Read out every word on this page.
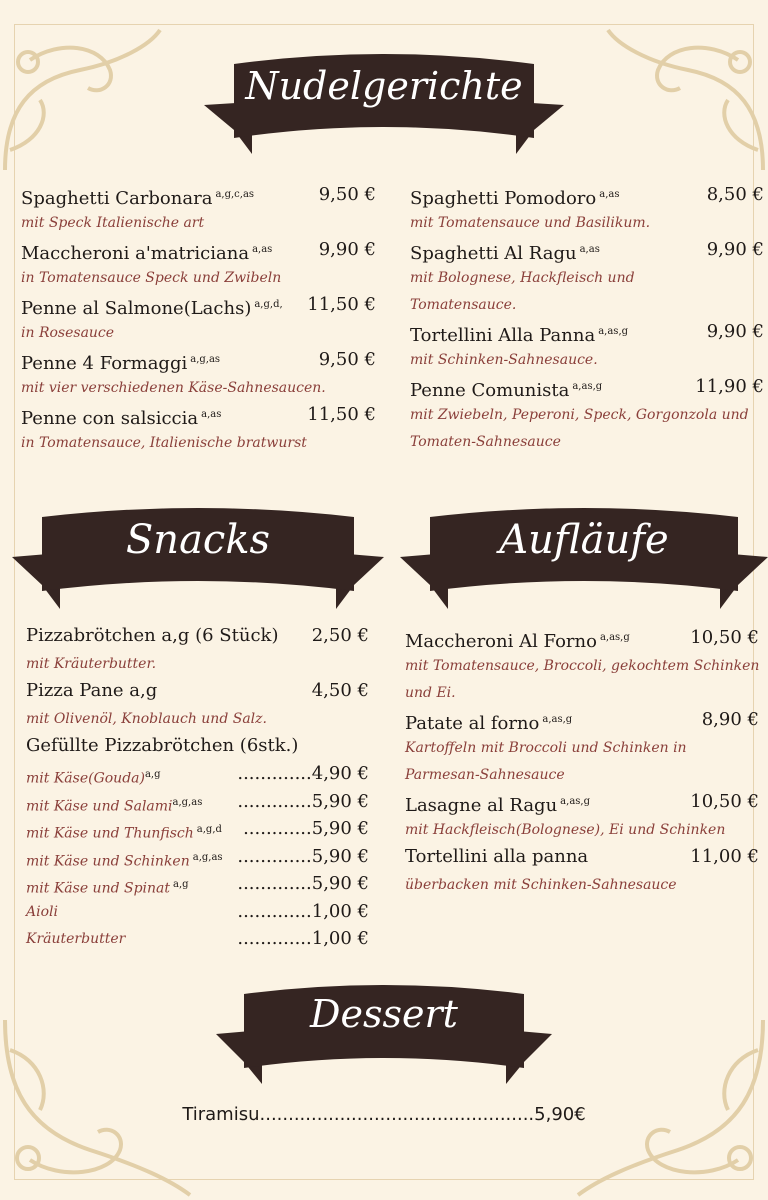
Nudelgerichte
Spaghetti Carbonara $^{a,g,c,as}$	9,50 €
mit Speck Italienische art
Maccheroni a'matriciana $^{a,as}$	9,90 €
in Tomatensauce Speck und Zwibeln
Penne al Salmone(Lachs) $^{a,g,d,}$ 11,50 €
in Rosesauce
Penne 4 Formaggi $^{a,g,as}$	9,50 €
mit vier verschiedenen Käse-Sahnesaucen.
Penne con salsiccia $^{a,as}$	11,50 €
in Tomatensauce, Italienische bratwurst
Spaghetti Pomodoro $^{a,as}$	8,50 €
mit Tomatensauce und Basilikum.
Spaghetti Al Ragu $^{a,as}$	9,90 €
mit Bolognese, Hackfleisch und
Tomatensauce.
Tortellini Alla Panna $^{a,as,g}$	9,90 €
mit Schinken-Sahnesauce.
Penne Comunista $^{a,as,g}$	11,90 €
mit Zwiebeln, Peperoni, Speck, Gorgonzola und
Tomaten-Sahnesauce
Snacks	Aufläufe
Pizzabrötchen a,g (6 Stück) 2,50 €
mit Kräuterbutter.
Pizza Pane a,g	4,50 €
mit Olivenöl, Knoblauch und Salz.
Gefüllte Pizzabrötchen (6stk.)
mit Käse(Gouda)$^{a,g}$	.............4,90 €
mit Käse und Salami$^{a,g,as}$ .............5,90 €
mit Käse und Thunfisch $^{a,g,d}$ ............5,90 €
mit Käse und Schinken $^{a,g,as}$ .............5,90 €
mit Käse und Spinat $^{a,g}$	.............5,90 €
Aioli	.............1,00 €
Kräuterbutter	.............1,00 €
Maccheroni Al Forno $^{a,as,g}$	10,50 €
mit Tomatensauce, Broccoli, gekochtem Schinken
und Ei.
Patate al forno $^{a,as,g}$	8,90 €
Kartoffeln mit Broccoli und Schinken in
Parmesan-Sahnesauce
Lasagne al Ragu $^{a,as,g}$	10,50 €
mit Hackfleisch(Bolognese), Ei und Schinken
Tortellini alla panna	11,00 €
überbacken mit Schinken-Sahnesauce
Dessert
Tiramisu................................................5,90€
